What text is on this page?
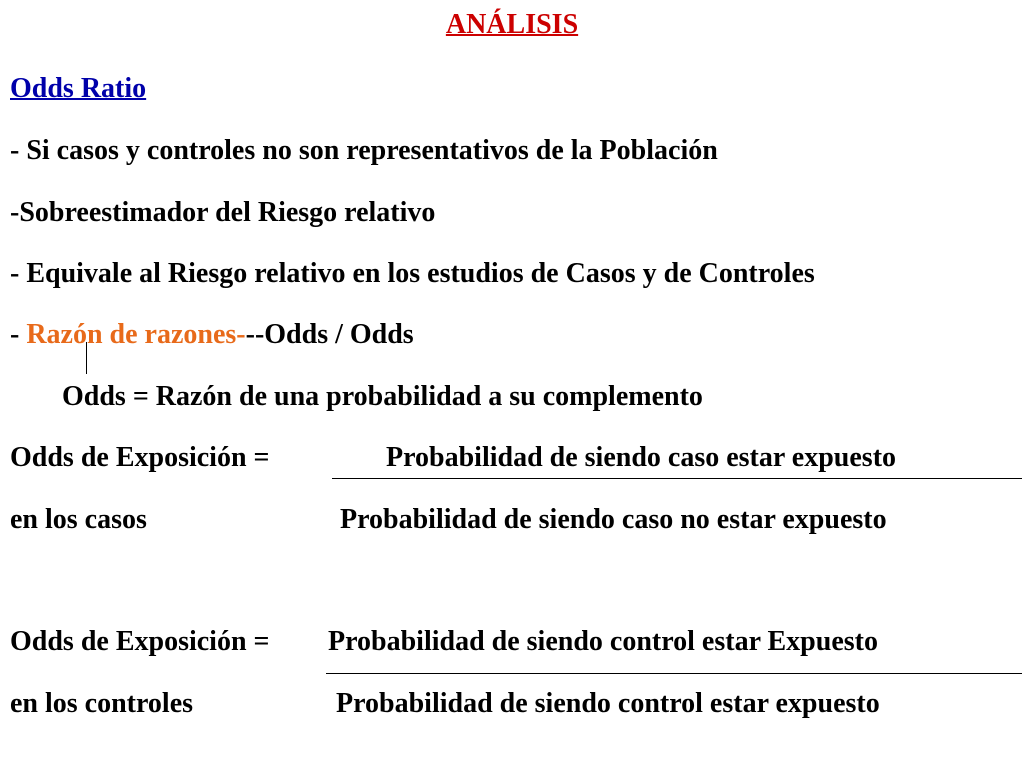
ANÁLISIS
Odds Ratio
- Si casos y controles no son representativos de la Población
-Sobreestimador del Riesgo relativo
- Equivale al Riesgo relativo en los estudios de Casos y de Controles
- Razón de razones---Odds / Odds
Odds = Razón de una probabilidad a su complemento
Odds de Exposición =	Probabilidad de siendo caso estar expuesto
en los casos	Probabilidad de siendo caso no estar expuesto
Odds de Exposición = Probabilidad de siendo control estar Expuesto
en los controles	Probabilidad de siendo control estar expuesto
